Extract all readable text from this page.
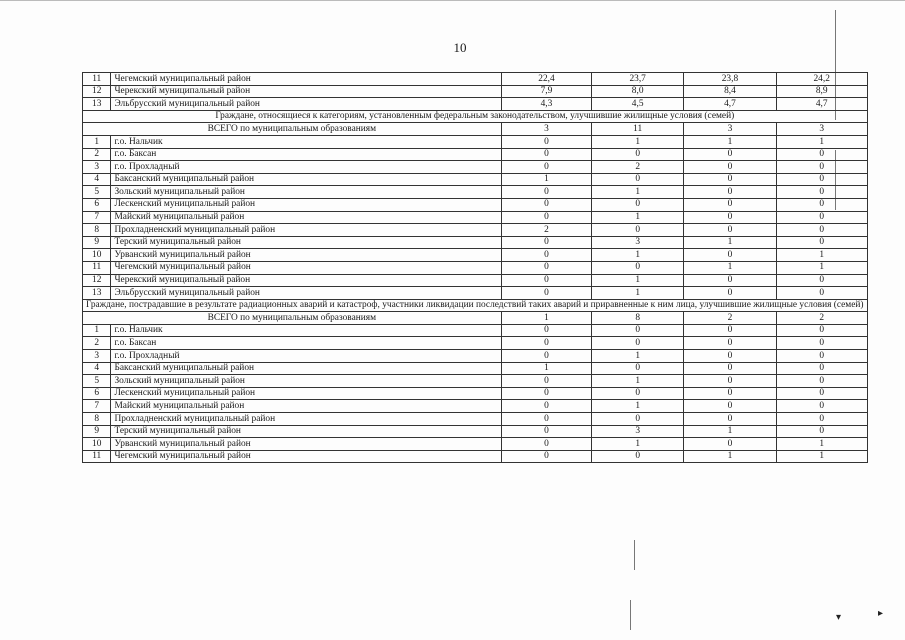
▾	▸
10
11	Чегемский муниципальный район	22,4	23,7	23,8	24,2
12	Черекский муниципальный район	7,9	8,0	8,4	8,9
13	Эльбрусский муниципальный район	4,3	4,5	4,7	4,7
Граждане, относящиеся к категориям, установленным федеральным законодательством, улучшившие жилищные условия (семей)					
ВСЕГО по муниципальным образованиям		3	11	3	3
1	г.о. Нальчик	0	1	1	1
2	г.о. Баксан	0	0	0	0
3	г.о. Прохладный	0	2	0	0
4	Баксанский муниципальный район	1	0	0	0
5	Зольский муниципальный район	0	1	0	0
6	Лескенский муниципальный район	0	0	0	0
7	Майский муниципальный район	0	1	0	0
8	Прохладненский муниципальный район	2	0	0	0
9	Терский муниципальный район	0	3	1	0
10	Урванский муниципальный район	0	1	0	1
11	Чегемский муниципальный район	0	0	1	1
12	Черекский муниципальный район	0	1	0	0
13	Эльбрусский муниципальный район	0	1	0	0
Граждане, пострадавшие в результате радиационных аварий и катастроф, участники ликвидации последствий таких аварий и приравненные к ним лица, улучшившие жилищные условия (семей)					
ВСЕГО по муниципальным образованиям		1	8	2	2
1	г.о. Нальчик	0	0	0	0
2	г.о. Баксан	0	0	0	0
3	г.о. Прохладный	0	1	0	0
4	Баксанский муниципальный район	1	0	0	0
5	Зольский муниципальный район	0	1	0	0
6	Лескенский муниципальный район	0	0	0	0
7	Майский муниципальный район	0	1	0	0
8	Прохладненский муниципальный район	0	0	0	0
9	Терский муниципальный район	0	3	1	0
10	Урванский муниципальный район	0	1	0	1
11	Чегемский муниципальный район	0	0	1	1
